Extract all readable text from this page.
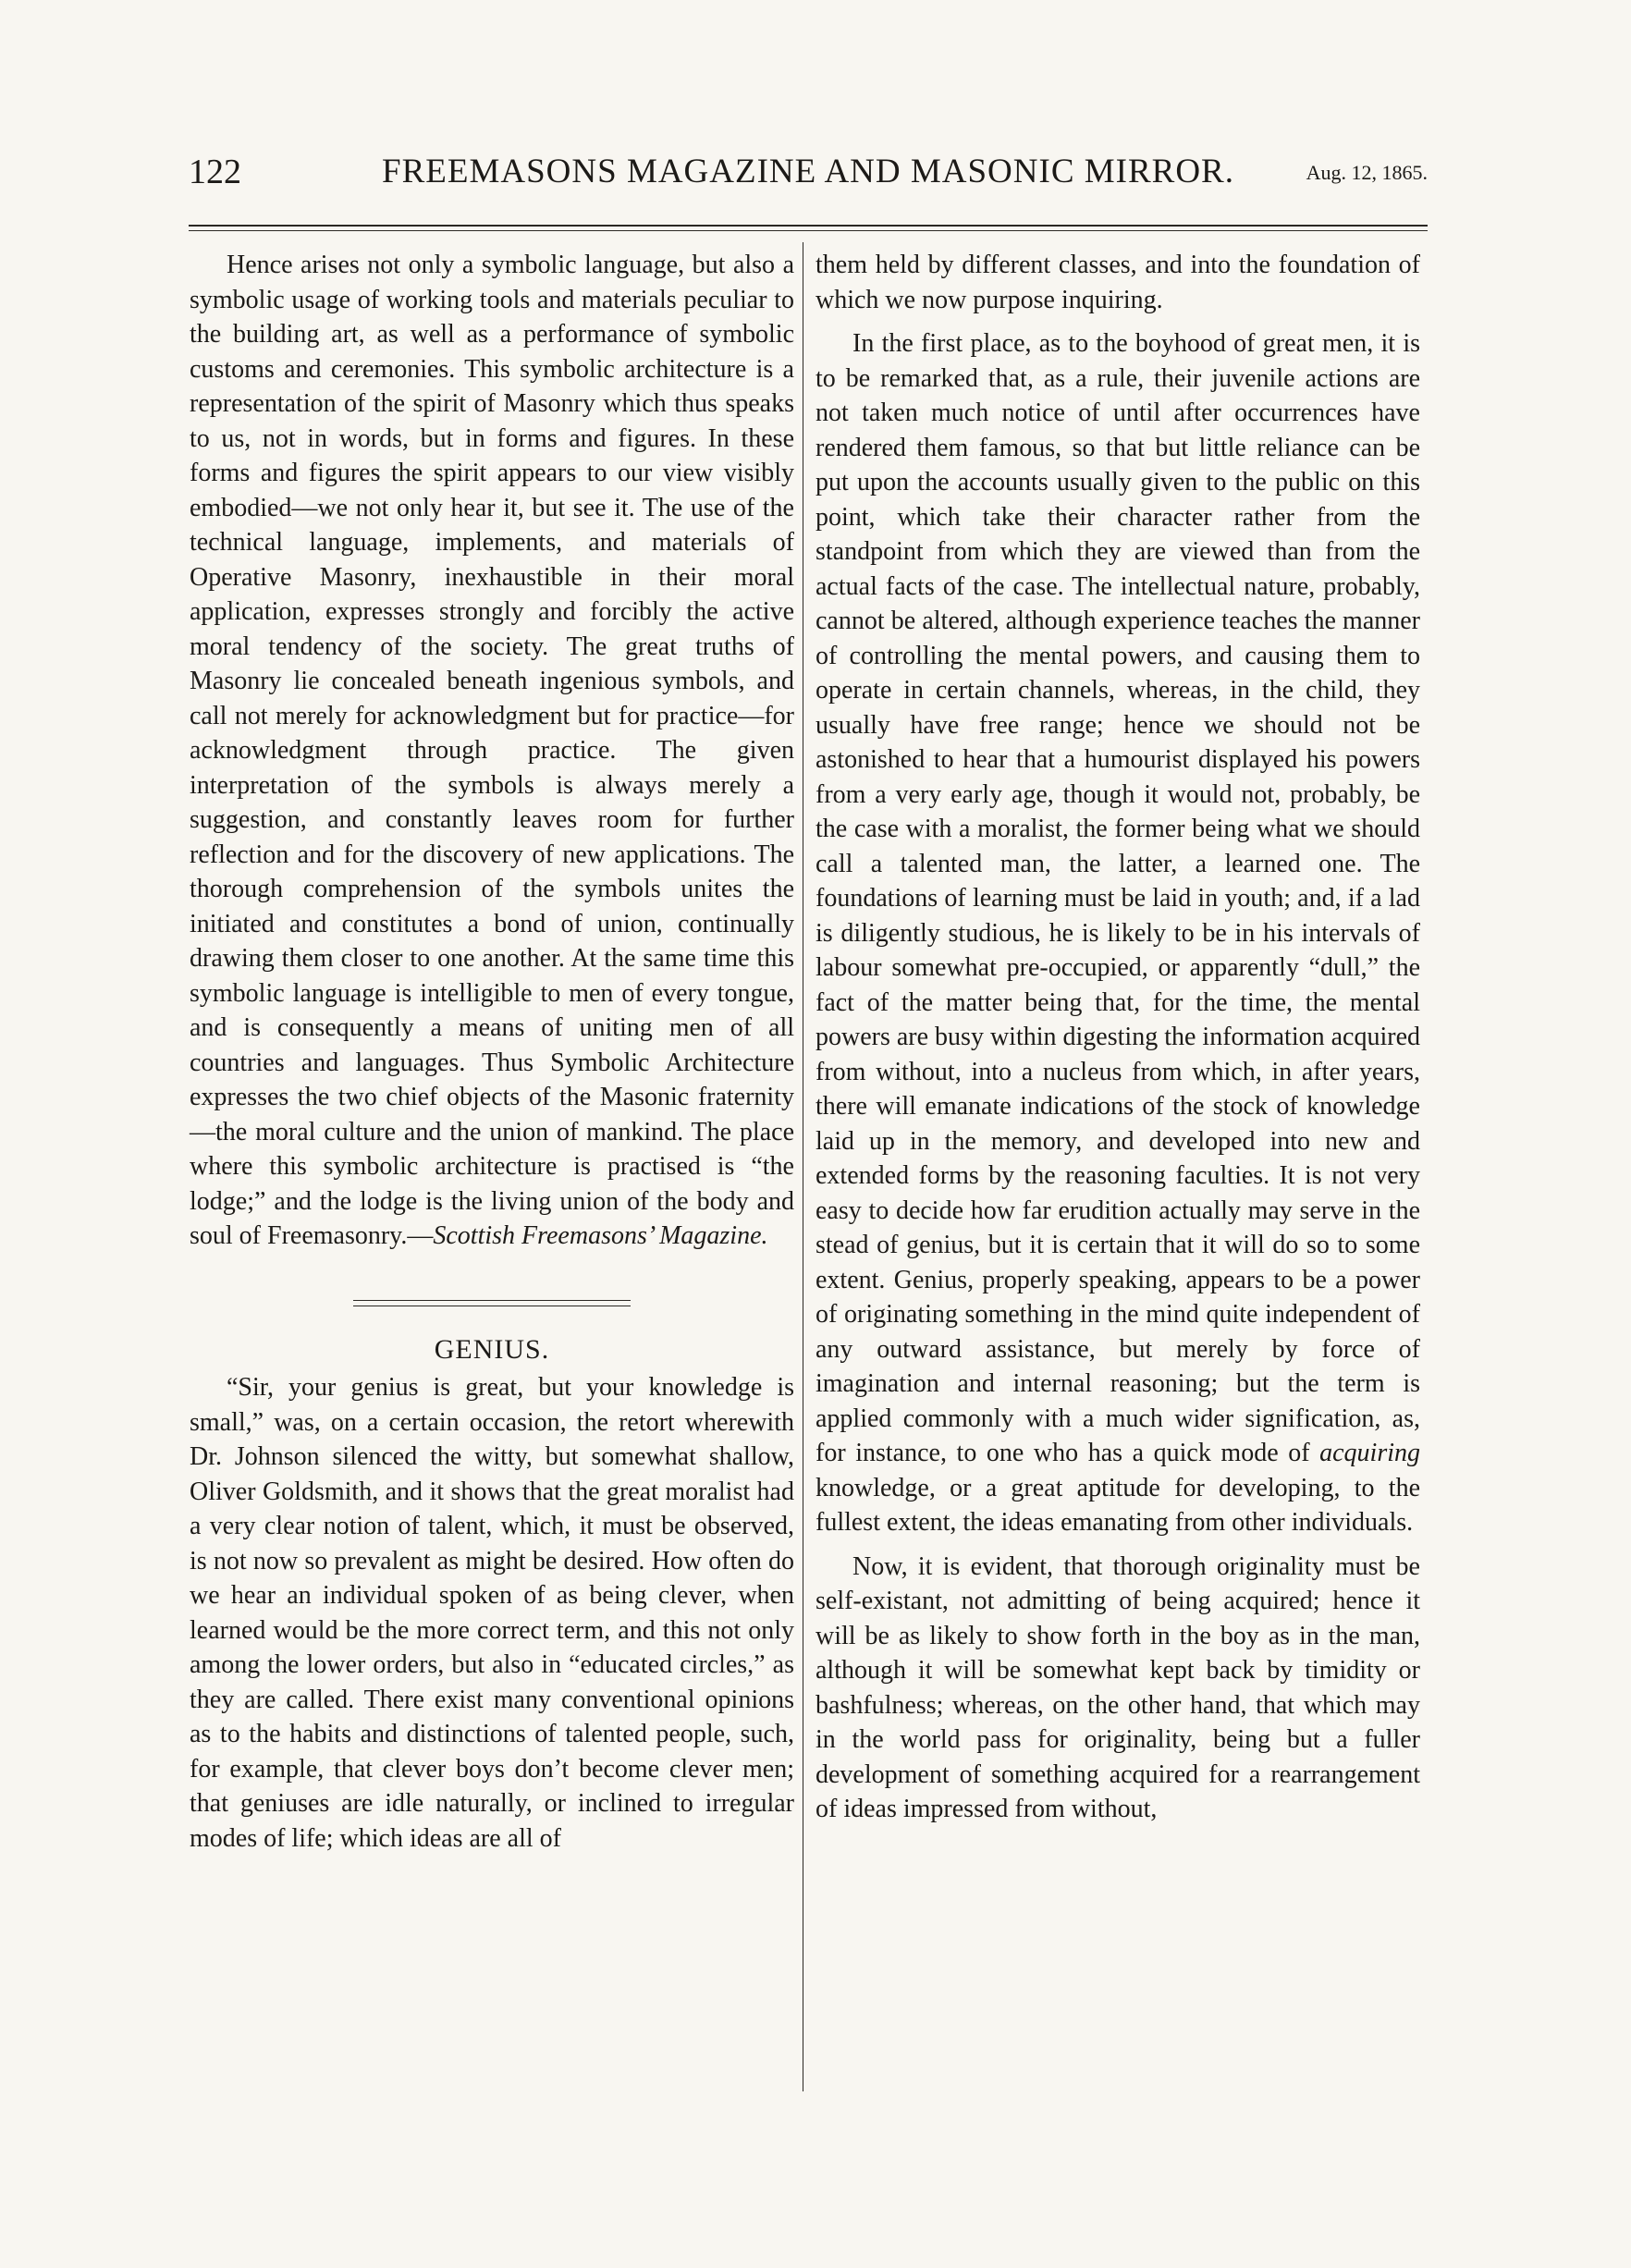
122	FREEMASONS MAGAZINE AND MASONIC MIRROR.	Aug. 12, 1865.

Hence arises not only a symbolic language, but also a symbolic usage of working tools and materials peculiar to the building art, as well as a performance of symbolic customs and ceremonies. This symbolic architecture is a representation of the spirit of Masonry which thus speaks to us, not in words, but in forms and figures. In these forms and figures the spirit appears to our view visibly embodied—we not only hear it, but see it. The use of the technical language, implements, and materials of Operative Masonry, inexhaustible in their moral application, expresses strongly and forcibly the active moral tendency of the society. The great truths of Masonry lie concealed beneath ingenious symbols, and call not merely for acknowledgment but for practice—for acknowledgment through practice. The given interpretation of the symbols is always merely a suggestion, and constantly leaves room for further reflection and for the discovery of new applications. The thorough comprehension of the symbols unites the initiated and constitutes a bond of union, continually drawing them closer to one another. At the same time this symbolic language is intelligible to men of every tongue, and is consequently a means of uniting men of all countries and languages. Thus Symbolic Architecture expresses the two chief objects of the Masonic fraternity—the moral culture and the union of mankind. The place where this symbolic architecture is practised is “the lodge;” and the lodge is the living union of the body and soul of Freemasonry.—Scottish Freemasons’ Magazine.

GENIUS.

“Sir, your genius is great, but your knowledge is small,” was, on a certain occasion, the retort wherewith Dr. Johnson silenced the witty, but somewhat shallow, Oliver Goldsmith, and it shows that the great moralist had a very clear notion of talent, which, it must be observed, is not now so prevalent as might be desired. How often do we hear an individual spoken of as being clever, when learned would be the more correct term, and this not only among the lower orders, but also in “educated circles,” as they are called. There exist many conventional opinions as to the habits and distinctions of talented people, such, for example, that clever boys don’t become clever men; that geniuses are idle naturally, or inclined to irregular modes of life; which ideas are all of

them held by different classes, and into the foundation of which we now purpose inquiring.

In the first place, as to the boyhood of great men, it is to be remarked that, as a rule, their juvenile actions are not taken much notice of until after occurrences have rendered them famous, so that but little reliance can be put upon the accounts usually given to the public on this point, which take their character rather from the standpoint from which they are viewed than from the actual facts of the case. The intellectual nature, probably, cannot be altered, although experience teaches the manner of controlling the mental powers, and causing them to operate in certain channels, whereas, in the child, they usually have free range; hence we should not be astonished to hear that a humourist displayed his powers from a very early age, though it would not, probably, be the case with a moralist, the former being what we should call a talented man, the latter, a learned one. The foundations of learning must be laid in youth; and, if a lad is diligently studious, he is likely to be in his intervals of labour somewhat pre-occupied, or apparently “dull,” the fact of the matter being that, for the time, the mental powers are busy within digesting the information acquired from without, into a nucleus from which, in after years, there will emanate indications of the stock of knowledge laid up in the memory, and developed into new and extended forms by the reasoning faculties. It is not very easy to decide how far erudition actually may serve in the stead of genius, but it is certain that it will do so to some extent. Genius, properly speaking, appears to be a power of originating something in the mind quite independent of any outward assistance, but merely by force of imagination and internal reasoning; but the term is applied commonly with a much wider signification, as, for instance, to one who has a quick mode of acquiring knowledge, or a great aptitude for developing, to the fullest extent, the ideas emanating from other individuals.

Now, it is evident, that thorough originality must be self-existant, not admitting of being acquired; hence it will be as likely to show forth in the boy as in the man, although it will be somewhat kept back by timidity or bashfulness; whereas, on the other hand, that which may in the world pass for originality, being but a fuller development of something acquired for a rearrangement of ideas impressed from without,
